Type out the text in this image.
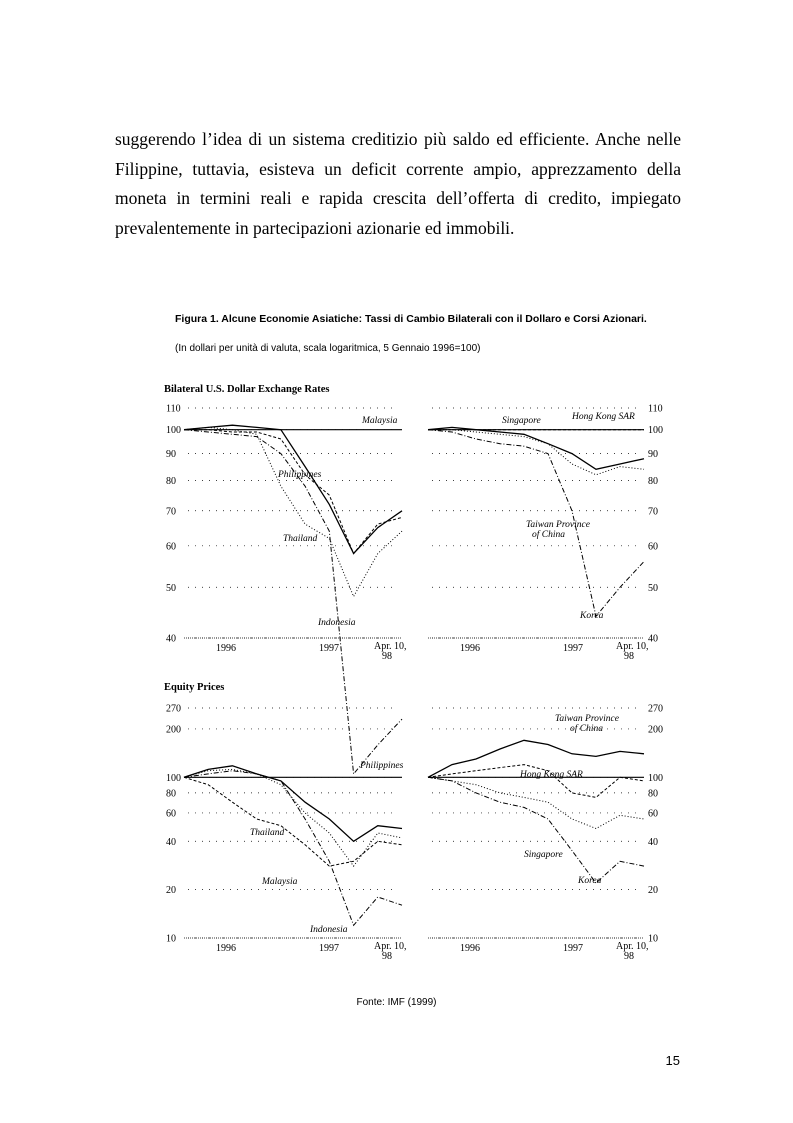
suggerendo l’idea di un sistema creditizio più saldo ed efficiente. Anche nelle
Filippine, tuttavia, esisteva un deficit corrente ampio, apprezzamento della
moneta in termini reali e rapida crescita dell’offerta di credito, impiegato
prevalentemente in partecipazioni azionarie ed immobili.
Figura 1. Alcune Economie Asiatiche: Tassi di Cambio Bilaterali con il Dollaro e Corsi Azionari.
(In dollari per unità di valuta, scala logaritmica, 5 Gennaio 1996=100)
Bilateral U.S. Dollar Exchange Rates
Equity Prices
110
100
90
80
70
60
50
40
1996	1997	Apr. 10,
98
110
100
90
80
70
60
50
40
1996	1997	Apr. 10,
98
270
200
100
80
60
40
20
10
1996	1997	Apr. 10,
98
270
200
100
80
60
40
20
10
1996	1997	Apr. 10,
98
Malaysia
Philippines
Thailand
Indonesia
Singapore	Hong Kong SAR
Taiwan Province
of China
Korea
Philippines
Thailand
Malaysia
Indonesia
Taiwan Province
of China
Hong Kong SAR
Singapore
Korea
Fonte: IMF (1999)
15
